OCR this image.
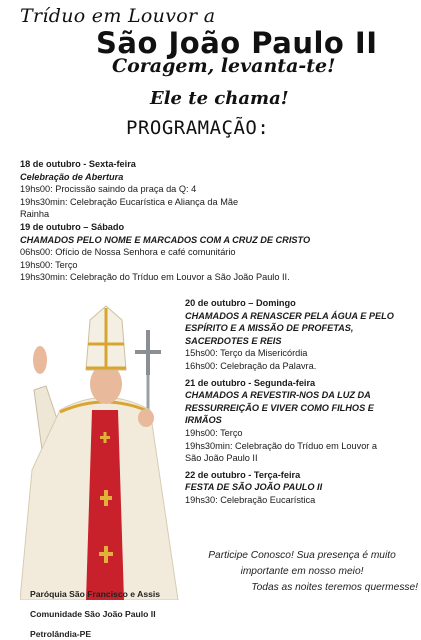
Tríduo em Louvor a
São João Paulo II
Coragem, levanta-te!
Ele te chama!
PROGRAMAÇÃO:
18 de outubro - Sexta-feira
Celebração de Abertura
19hs00: Procissão saindo da praça da Q: 4
19hs30min: Celebração Eucarística e Aliança da Mãe
Rainha
19 de outubro – Sábado
CHAMADOS PELO NOME E MARCADOS COM A CRUZ DE CRISTO
06hs00: Ofício de Nossa Senhora e café comunitário
19hs00: Terço
19hs30min: Celebração do Tríduo em Louvor a São João Paulo II.
20 de outubro – Domingo
CHAMADOS A RENASCER PELA ÁGUA E PELO
ESPÍRITO E A MISSÃO DE PROFETAS,
SACERDOTES E REIS
15hs00: Terço da Misericórdia
16hs00: Celebração da Palavra.
21 de outubro - Segunda-feira
CHAMADOS A REVESTIR-NOS DA LUZ DA
RESSURREIÇÃO E VIVER COMO FILHOS E
IRMÃOS
19hs00: Terço
19hs30min: Celebração do Tríduo em Louvor a
São João Paulo II
22 de outubro - Terça-feira
FESTA DE SÃO JOÃO PAULO II
19hs30: Celebração Eucarística
Participe Conosco! Sua presença é muito importante em nosso meio!
Todas as noites teremos quermesse!
Paróquia São Francisco e Assis
Comunidade São João Paulo II
Petrolândia-PE
